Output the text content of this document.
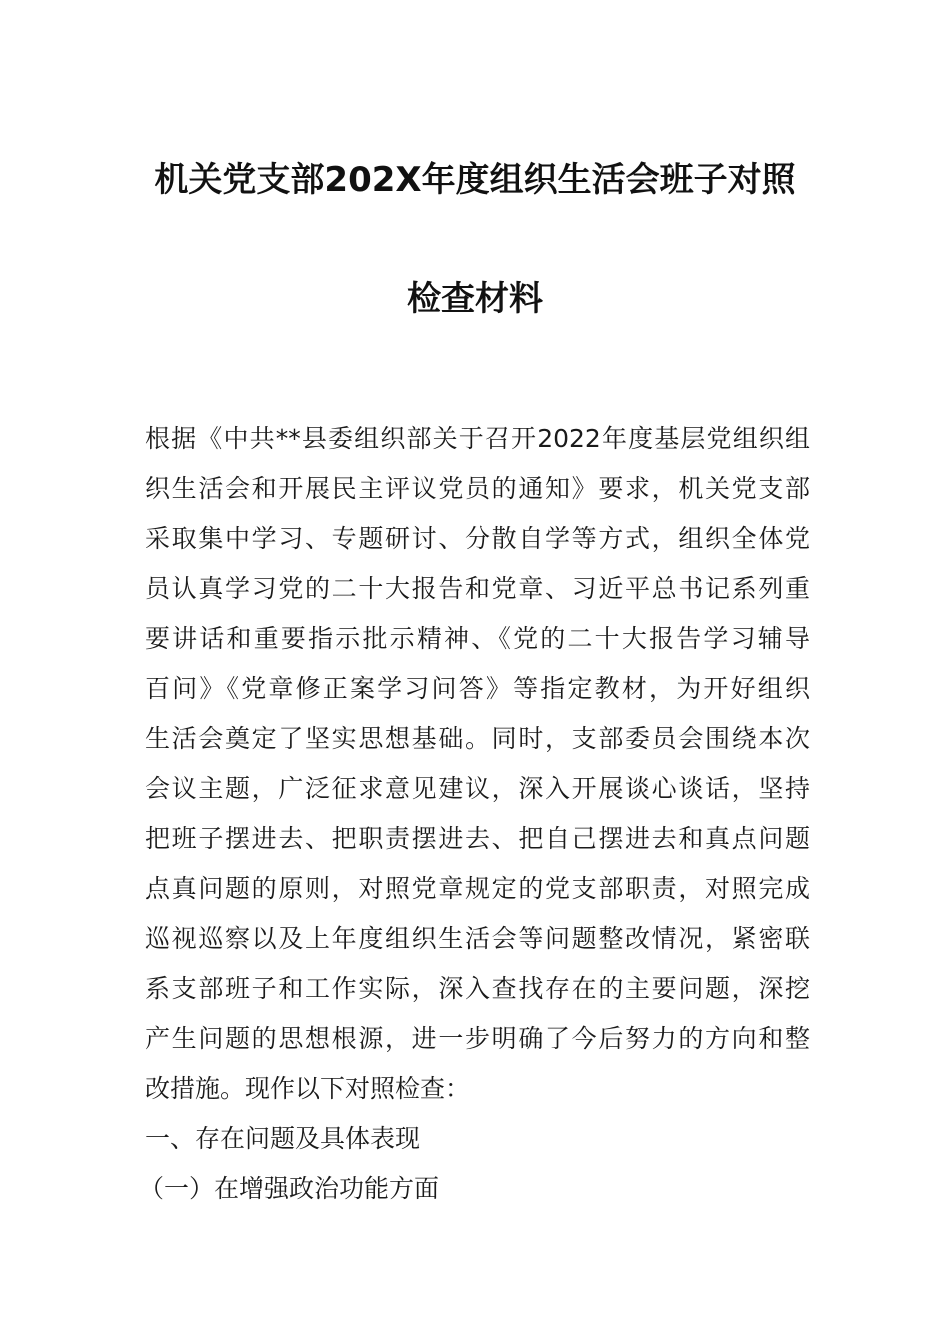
机关党支部202X年度组织生活会班子对照
检查材料
根据《中共**县委组织部关于召开2022年度基层党组织组
织生活会和开展民主评议党员的通知》要求，机关党支部
采取集中学习、专题研讨、分散自学等方式，组织全体党
员认真学习党的二十大报告和党章、习近平总书记系列重
要讲话和重要指示批示精神、《党的二十大报告学习辅导
百问》《党章修正案学习问答》等指定教材，为开好组织
生活会奠定了坚实思想基础。同时，支部委员会围绕本次
会议主题，广泛征求意见建议，深入开展谈心谈话，坚持
把班子摆进去、把职责摆进去、把自己摆进去和真点问题
点真问题的原则，对照党章规定的党支部职责，对照完成
巡视巡察以及上年度组织生活会等问题整改情况，紧密联
系支部班子和工作实际，深入查找存在的主要问题，深挖
产生问题的思想根源，进一步明确了今后努力的方向和整
改措施。现作以下对照检查：
一、存在问题及具体表现
（一）在增强政治功能方面
